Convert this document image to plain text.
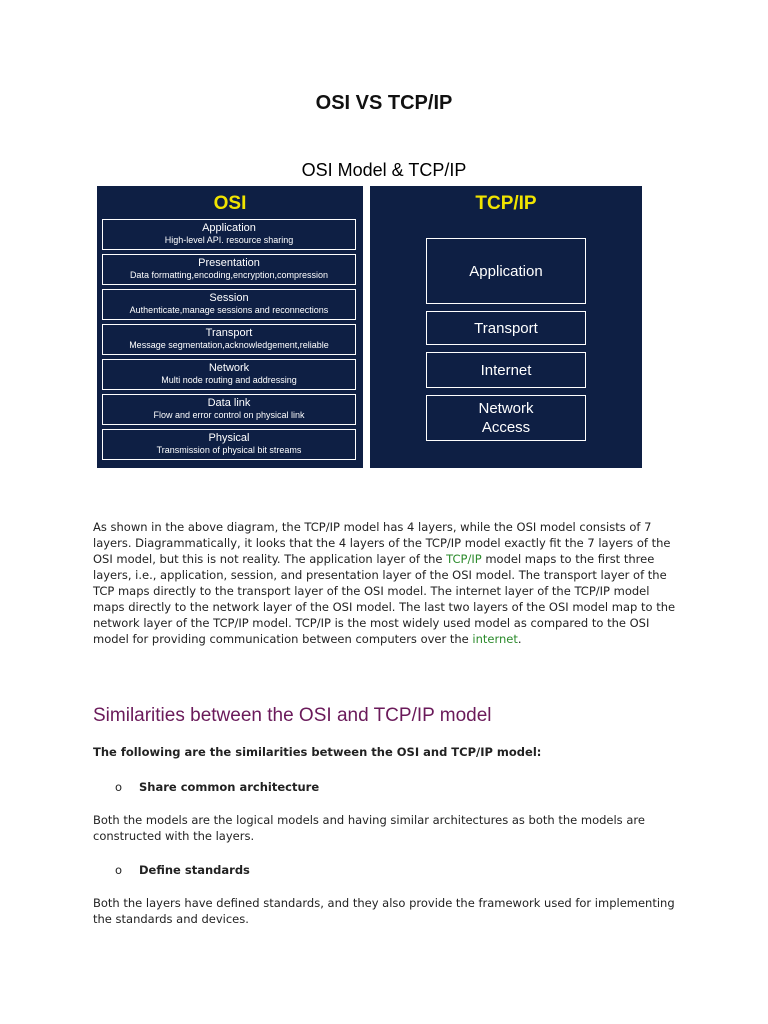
OSI VS TCP/IP
OSI Model & TCP/IP
OSI
Application
High-level API. resource sharing
Presentation
Data formatting,encoding,encryption,compression
Session
Authenticate,manage sessions and reconnections
Transport
Message segmentation,acknowledgement,reliable
Network
Multi node routing and addressing
Data link
Flow and error control on physical link
Physical
Transmission of physical bit streams
TCP/IP
Application
Transport
Internet
Network Access

As shown in the above diagram, the TCP/IP model has 4 layers, while the OSI model consists of 7 layers. Diagrammatically, it looks that the 4 layers of the TCP/IP model exactly fit the 7 layers of the OSI model, but this is not reality. The application layer of the TCP/IP model maps to the first three layers, i.e., application, session, and presentation layer of the OSI model. The transport layer of the TCP maps directly to the transport layer of the OSI model. The internet layer of the TCP/IP model maps directly to the network layer of the OSI model. The last two layers of the OSI model map to the network layer of the TCP/IP model. TCP/IP is the most widely used model as compared to the OSI model for providing communication between computers over the internet.

Similarities between the OSI and TCP/IP model
The following are the similarities between the OSI and TCP/IP model:
o Share common architecture

Both the models are the logical models and having similar architectures as both the models are constructed with the layers.

o Define standards

Both the layers have defined standards, and they also provide the framework used for implementing the standards and devices.
